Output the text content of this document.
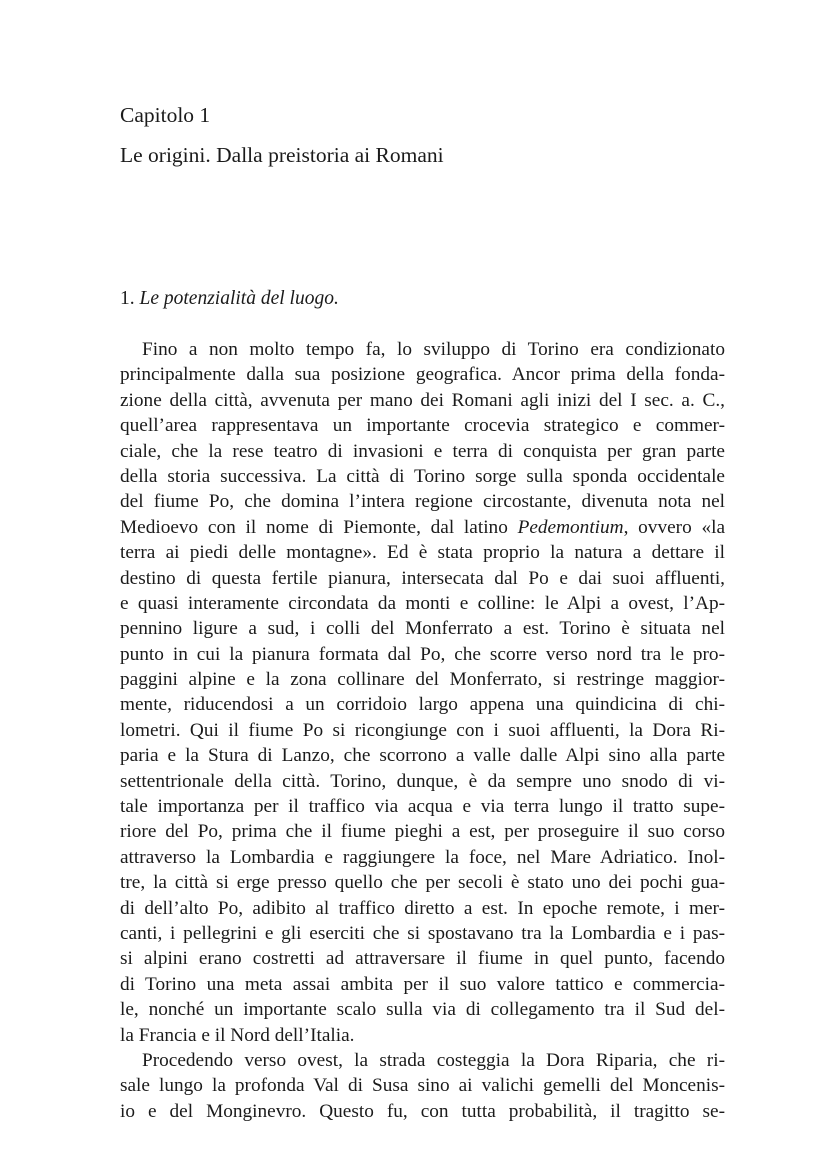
Capitolo 1
Le origini. Dalla preistoria ai Romani
1. Le potenzialità del luogo.
Fino a non molto tempo fa, lo sviluppo di Torino era condizionato
principalmente dalla sua posizione geografica. Ancor prima della fonda-
zione della città, avvenuta per mano dei Romani agli inizi del I sec. a. C.,
quell’area rappresentava un importante crocevia strategico e commer-
ciale, che la rese teatro di invasioni e terra di conquista per gran parte
della storia successiva. La città di Torino sorge sulla sponda occidentale
del fiume Po, che domina l’intera regione circostante, divenuta nota nel
Medioevo con il nome di Piemonte, dal latino Pedemontium, ovvero «la
terra ai piedi delle montagne». Ed è stata proprio la natura a dettare il
destino di questa fertile pianura, intersecata dal Po e dai suoi affluenti,
e quasi interamente circondata da monti e colline: le Alpi a ovest, l’Ap-
pennino ligure a sud, i colli del Monferrato a est. Torino è situata nel
punto in cui la pianura formata dal Po, che scorre verso nord tra le pro-
paggini alpine e la zona collinare del Monferrato, si restringe maggior-
mente, riducendosi a un corridoio largo appena una quindicina di chi-
lometri. Qui il fiume Po si ricongiunge con i suoi affluenti, la Dora Ri-
paria e la Stura di Lanzo, che scorrono a valle dalle Alpi sino alla parte
settentrionale della città. Torino, dunque, è da sempre uno snodo di vi-
tale importanza per il traffico via acqua e via terra lungo il tratto supe-
riore del Po, prima che il fiume pieghi a est, per proseguire il suo corso
attraverso la Lombardia e raggiungere la foce, nel Mare Adriatico. Inol-
tre, la città si erge presso quello che per secoli è stato uno dei pochi gua-
di dell’alto Po, adibito al traffico diretto a est. In epoche remote, i mer-
canti, i pellegrini e gli eserciti che si spostavano tra la Lombardia e i pas-
si alpini erano costretti ad attraversare il fiume in quel punto, facendo
di Torino una meta assai ambita per il suo valore tattico e commercia-
le, nonché un importante scalo sulla via di collegamento tra il Sud del-
la Francia e il Nord dell’Italia.
Procedendo verso ovest, la strada costeggia la Dora Riparia, che ri-
sale lungo la profonda Val di Susa sino ai valichi gemelli del Moncenis-
io e del Monginevro. Questo fu, con tutta probabilità, il tragitto se-
